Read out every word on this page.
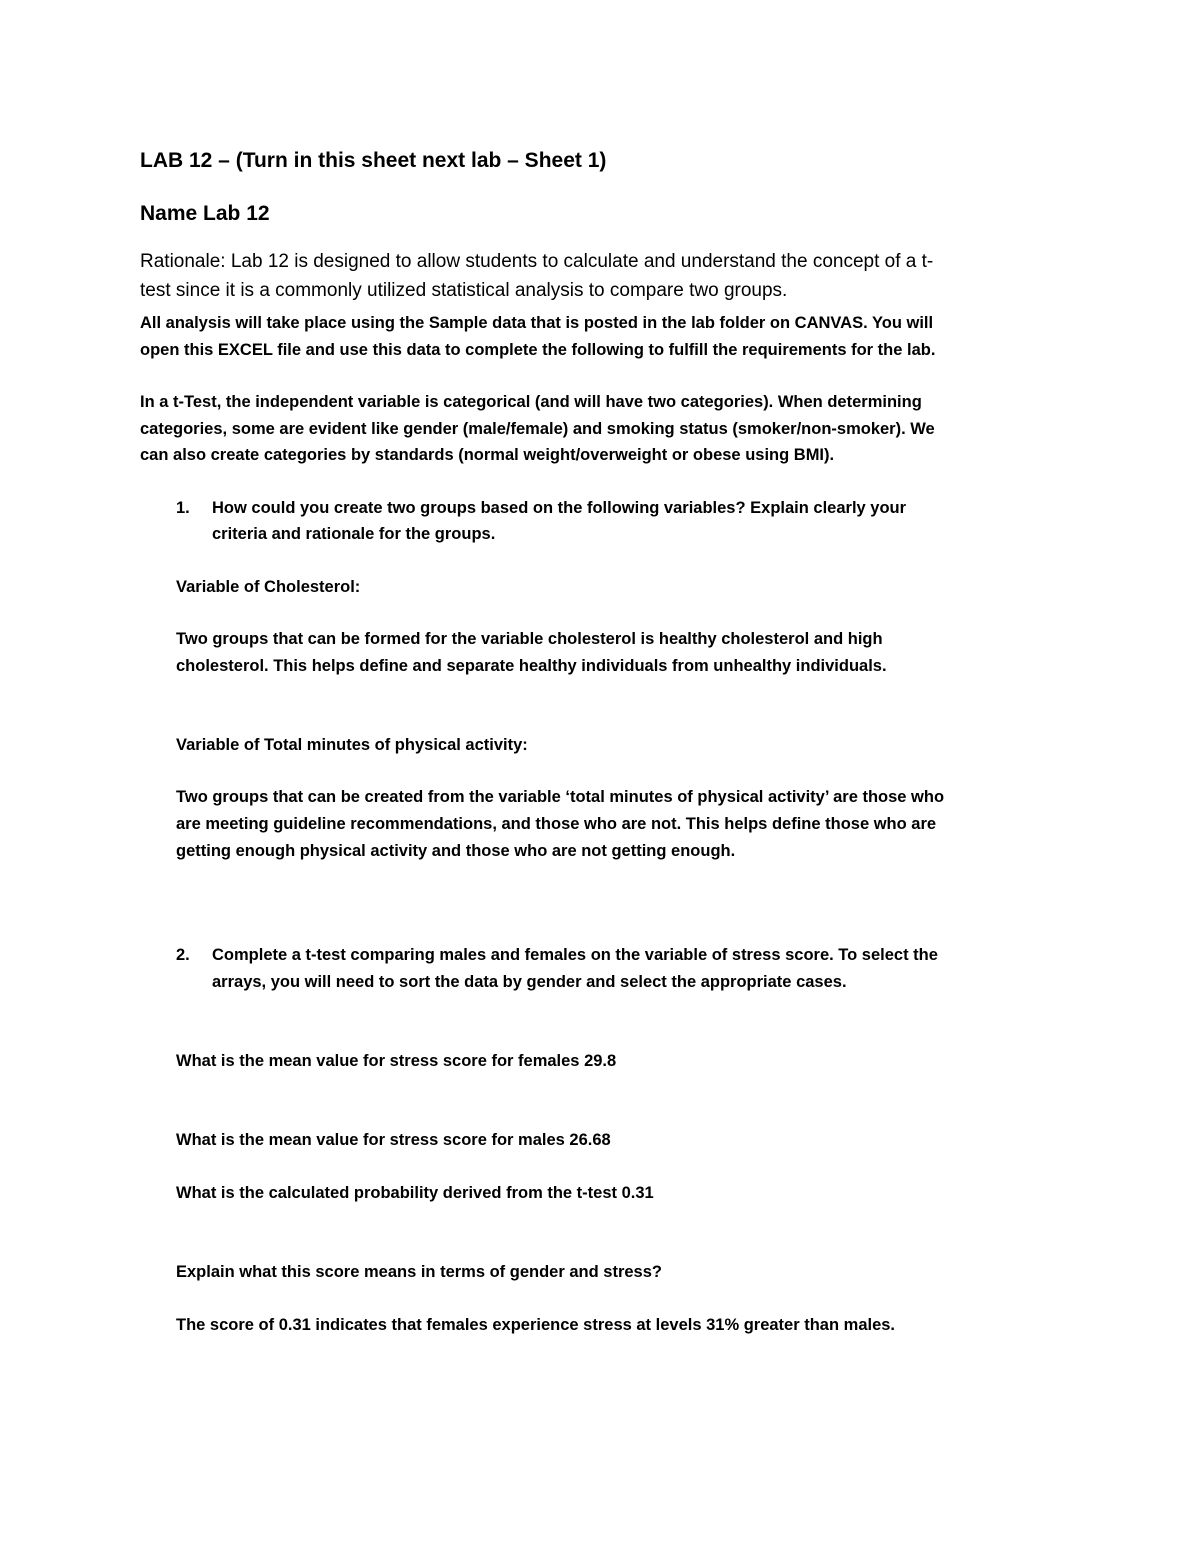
LAB 12 – (Turn in this sheet next lab – Sheet 1)

Name Lab 12

Rationale: Lab 12 is designed to allow students to calculate and understand the concept of a t-

test since it is a commonly utilized statistical analysis to compare two groups.

All analysis will take place using the Sample data that is posted in the lab folder on CANVAS. You will

open this EXCEL file and use this data to complete the following to fulfill the requirements for the lab.

In a t-Test, the independent variable is categorical (and will have two categories). When determining

categories, some are evident like gender (male/female) and smoking status (smoker/non-smoker). We

can also create categories by standards (normal weight/overweight or obese using BMI).

1. How could you create two groups based on the following variables? Explain clearly your

criteria and rationale for the groups.

Variable of Cholesterol:

Two groups that can be formed for the variable cholesterol is healthy cholesterol and high

cholesterol. This helps define and separate healthy individuals from unhealthy individuals.

Variable of Total minutes of physical activity:

Two groups that can be created from the variable ‘total minutes of physical activity’ are those who

are meeting guideline recommendations, and those who are not. This helps define those who are

getting enough physical activity and those who are not getting enough.

2. Complete a t-test comparing males and females on the variable of stress score. To select the

arrays, you will need to sort the data by gender and select the appropriate cases.

What is the mean value for stress score for females 29.8

What is the mean value for stress score for males 26.68

What is the calculated probability derived from the t-test 0.31

Explain what this score means in terms of gender and stress?

The score of 0.31 indicates that females experience stress at levels 31% greater than males.
